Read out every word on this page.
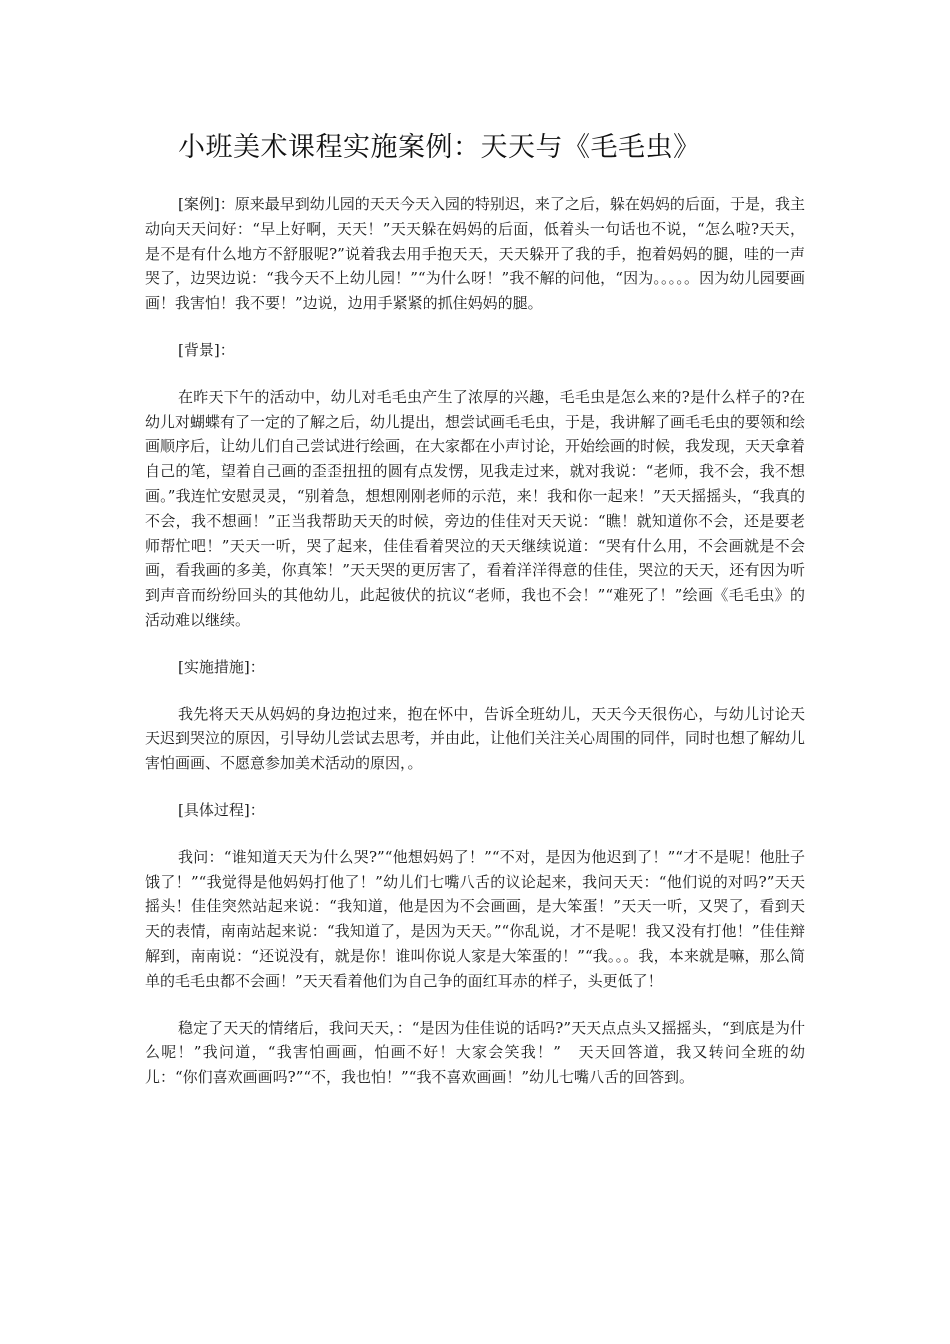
小班美术课程实施案例：天天与《毛毛虫》

[案例]：原来最早到幼儿园的天天今天入园的特别迟，来了之后，躲在妈妈的后面，于是，我主动向天天问好：“早上好啊，天天！”天天躲在妈妈的后面，低着头一句话也不说，“怎么啦?天天，是不是有什么地方不舒服呢?”说着我去用手抱天天，天天躲开了我的手，抱着妈妈的腿，哇的一声哭了，边哭边说：“我今天不上幼儿园！”“为什么呀！”我不解的问他，“因为。。。。。因为幼儿园要画画！我害怕！我不要！”边说，边用手紧紧的抓住妈妈的腿。

[背景]：

在昨天下午的活动中，幼儿对毛毛虫产生了浓厚的兴趣，毛毛虫是怎么来的?是什么样子的?在幼儿对蝴蝶有了一定的了解之后，幼儿提出，想尝试画毛毛虫，于是，我讲解了画毛毛虫的要领和绘画顺序后，让幼儿们自己尝试进行绘画，在大家都在小声讨论，开始绘画的时候，我发现，天天拿着自己的笔，望着自己画的歪歪扭扭的圆有点发愣，见我走过来，就对我说：“老师，我不会，我不想画。”我连忙安慰灵灵，“别着急，想想刚刚老师的示范，来！我和你一起来！”天天摇摇头，“我真的不会，我不想画！”正当我帮助天天的时候，旁边的佳佳对天天说：“瞧！就知道你不会，还是要老师帮忙吧！”天天一听，哭了起来，佳佳看着哭泣的天天继续说道：“哭有什么用，不会画就是不会画，看我画的多美，你真笨！”天天哭的更厉害了，看着洋洋得意的佳佳，哭泣的天天，还有因为听到声音而纷纷回头的其他幼儿，此起彼伏的抗议“老师，我也不会！”“难死了！”绘画《毛毛虫》的活动难以继续。

[实施措施]：

我先将天天从妈妈的身边抱过来，抱在怀中，告诉全班幼儿，天天今天很伤心，与幼儿讨论天天迟到哭泣的原因，引导幼儿尝试去思考，并由此，让他们关注关心周围的同伴，同时也想了解幼儿害怕画画、不愿意参加美术活动的原因，。

[具体过程]：

我问：“谁知道天天为什么哭?”“他想妈妈了！”“不对，是因为他迟到了！”“才不是呢！他肚子饿了！”“我觉得是他妈妈打他了！”幼儿们七嘴八舌的议论起来，我问天天：“他们说的对吗?”天天摇头！佳佳突然站起来说：“我知道，他是因为不会画画，是大笨蛋！”天天一听，又哭了，看到天天的表情，南南站起来说：“我知道了，是因为天天。”“你乱说，才不是呢！我又没有打他！”佳佳辩解到，南南说：“还说没有，就是你！谁叫你说人家是大笨蛋的！”“我。。。我，本来就是嘛，那么简单的毛毛虫都不会画！”天天看着他们为自己争的面红耳赤的样子，头更低了！

稳定了天天的情绪后，我问天天，：“是因为佳佳说的话吗?”天天点点头又摇摇头，“到底是为什么呢！”我问道，“我害怕画画，怕画不好！大家会笑我！”　天天回答道，我又转问全班的幼儿：“你们喜欢画画吗?”“不，我也怕！”“我不喜欢画画！”幼儿七嘴八舌的回答到。
